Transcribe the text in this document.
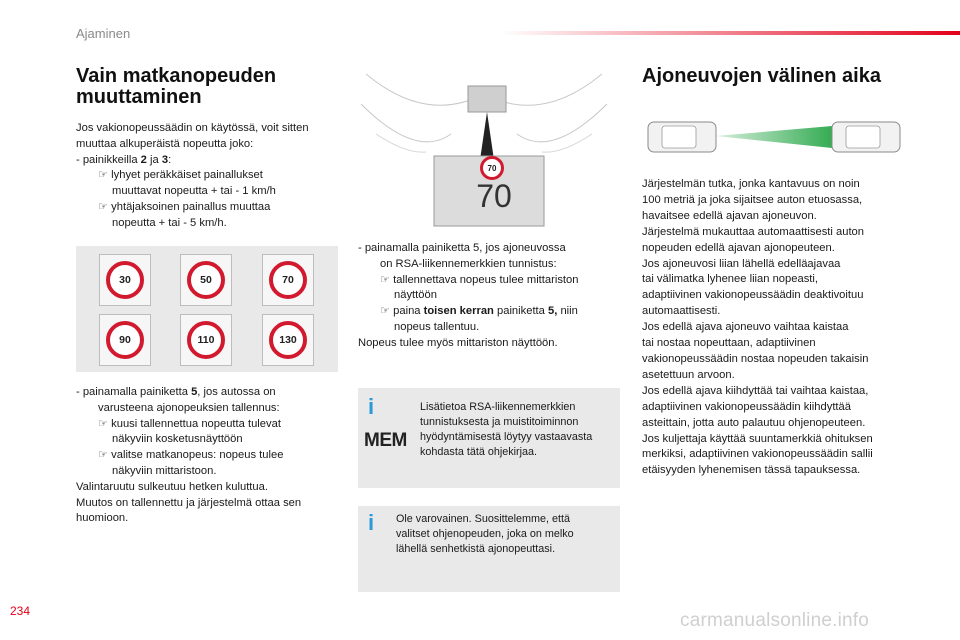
Ajaminen
Vain matkanopeuden
muuttaminen

Jos vakionopeussäädin on käytössä, voit sitten

muuttaa alkuperäistä nopeutta joko:

- painikkeilla 2 ja 3:

☞ lyhyet peräkkäiset painallukset

muuttavat nopeutta + tai - 1 km/h

☞ yhtäjaksoinen painallus muuttaa

nopeutta + tai - 5 km/h.

30	50	70
90	110	130

- painamalla painiketta 5, jos autossa on

varusteena ajonopeuksien tallennus:

☞ kuusi tallennettua nopeutta tulevat

näkyviin kosketusnäyttöön

☞ valitse matkanopeus: nopeus tulee

näkyviin mittaristoon.

Valintaruutu sulkeutuu hetken kuluttua.

Muutos on tallennettu ja järjestelmä ottaa sen

huomioon.

70
70

- painamalla painiketta 5, jos ajoneuvossa

on RSA-liikennemerkkien tunnistus:

☞ tallennettava nopeus tulee mittariston

näyttöön

☞ paina toisen kerran painiketta 5, niin

nopeus tallentuu.

Nopeus tulee myös mittariston näyttöön.

i
MEM

Lisätietoa RSA-liikennemerkkien

tunnistuksesta ja muistitoiminnon

hyödyntämisestä löytyy vastaavasta

kohdasta tätä ohjekirjaa.

i	Ole varovainen. Suosittelemme, että

valitset ohjenopeuden, joka on melko

lähellä senhetkistä ajonopeuttasi.

Ajoneuvojen välinen aika

Järjestelmän tutka, jonka kantavuus on noin

100 metriä ja joka sijaitsee auton etuosassa,

havaitsee edellä ajavan ajoneuvon.

Järjestelmä mukauttaa automaattisesti auton

nopeuden edellä ajavan ajonopeuteen.

Jos ajoneuvosi liian lähellä edelläajavaa

tai välimatka lyhenee liian nopeasti,

adaptiivinen vakionopeussäädin deaktivoituu

automaattisesti.

Jos edellä ajava ajoneuvo vaihtaa kaistaa

tai nostaa nopeuttaan, adaptiivinen

vakionopeussäädin nostaa nopeuden takaisin

asetettuun arvoon.

Jos edellä ajava kiihdyttää tai vaihtaa kaistaa,

adaptiivinen vakionopeussäädin kiihdyttää

asteittain, jotta auto palautuu ohjenopeuteen.

Jos kuljettaja käyttää suuntamerkkiä ohituksen

merkiksi, adaptiivinen vakionopeussäädin sallii

etäisyyden lyhenemisen tässä tapauksessa.

234	carmanualsonline.info
